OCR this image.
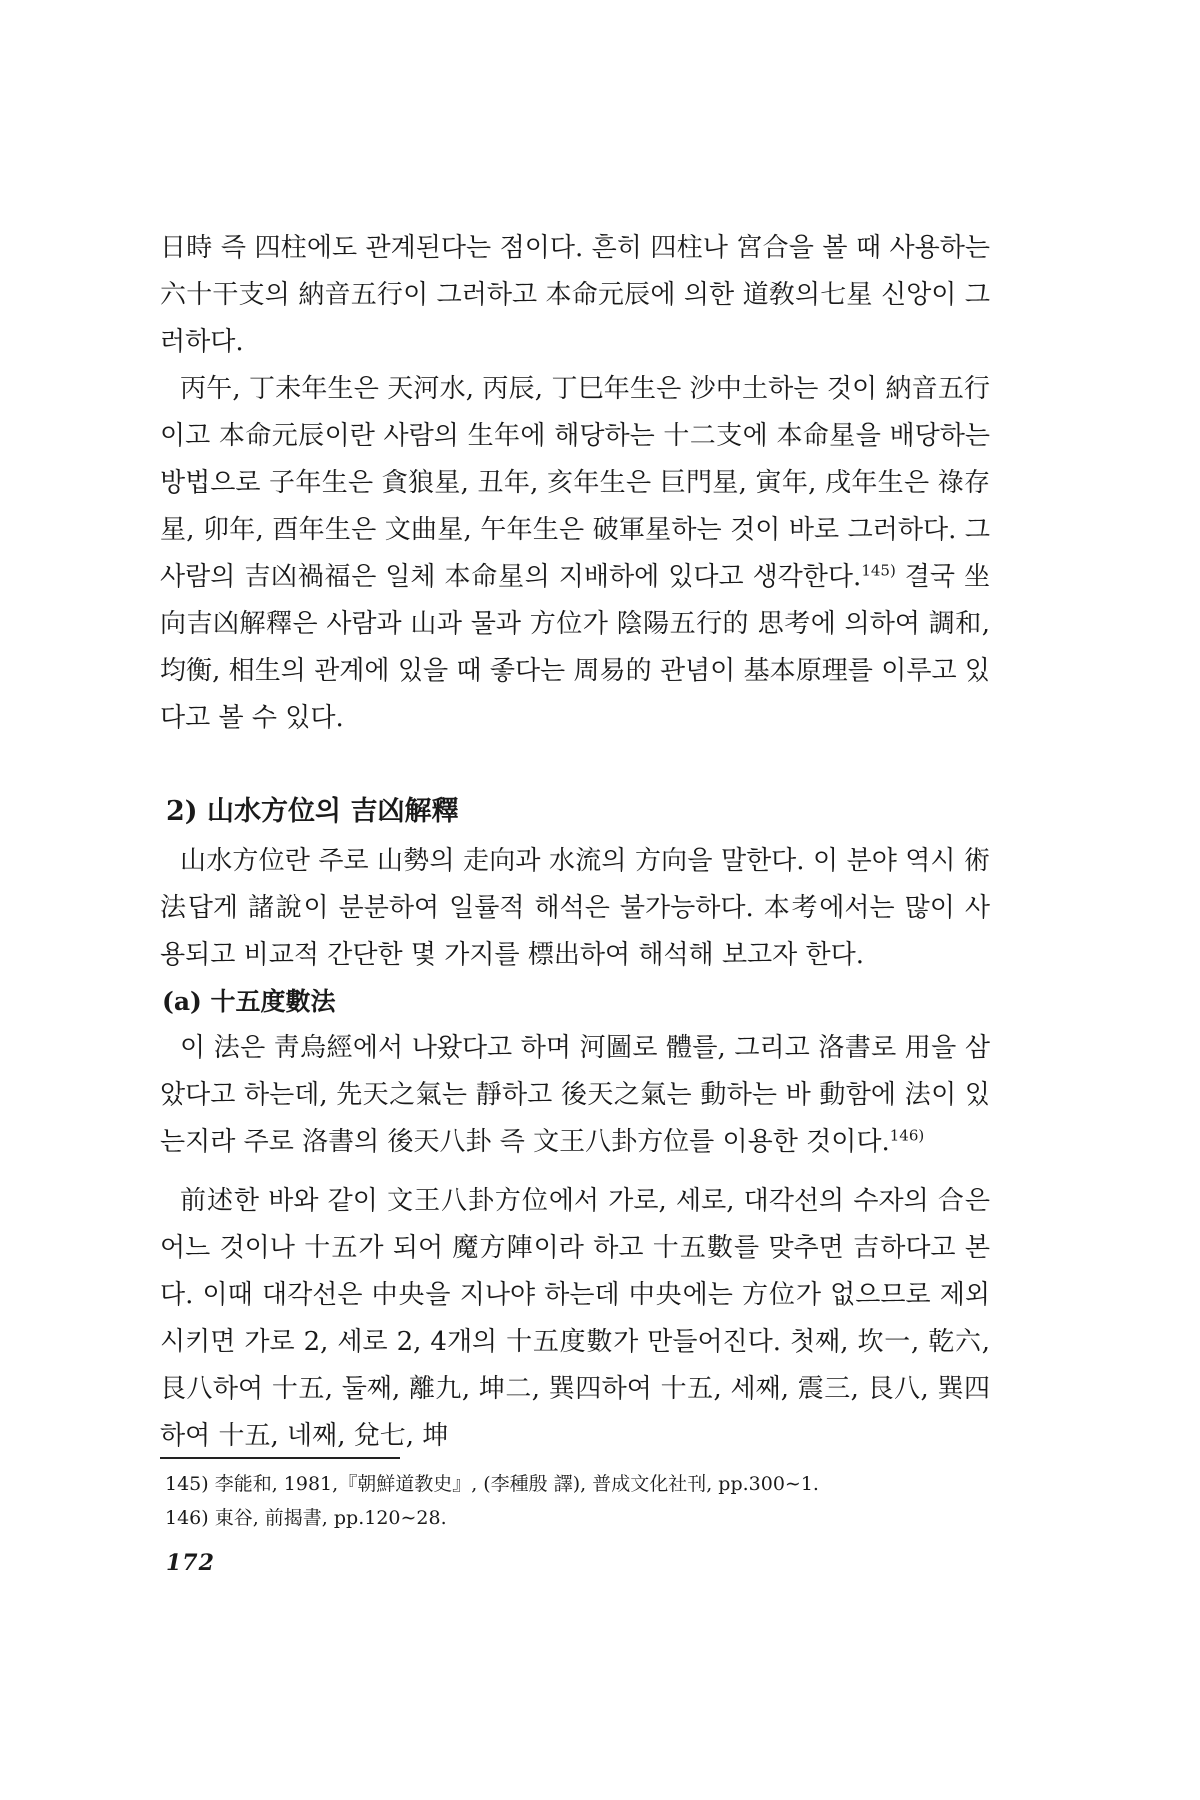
日時 즉 四柱에도 관계된다는 점이다. 흔히 四柱나 宮合을 볼 때 사용하는 六十干支의 納音五行이 그러하고 本命元辰에 의한 道敎의七星 신앙이 그러하다.

丙午, 丁未年生은 天河水, 丙辰, 丁巳年生은 沙中土하는 것이 納音五行이고 本命元辰이란 사람의 生年에 해당하는 十二支에 本命星을 배당하는 방법으로 子年生은 貪狼星, 丑年, 亥年生은 巨門星, 寅年, 戌年生은 祿存星, 卯年, 酉年生은 文曲星, 午年生은 破軍星하는 것이 바로 그러하다. 그 사람의 吉凶禍福은 일체 本命星의 지배하에 있다고 생각한다.$^{145)}$ 결국 坐向吉凶解釋은 사람과 山과 물과 方位가 陰陽五行的 思考에 의하여 調和, 均衡, 相生의 관계에 있을 때 좋다는 周易的 관념이 基本原理를 이루고 있다고 볼 수 있다.

2) 山水方位의 吉凶解釋

山水方位란 주로 山勢의 走向과 水流의 方向을 말한다. 이 분야 역시 術法답게 諸說이 분분하여 일률적 해석은 불가능하다. 本考에서는 많이 사용되고 비교적 간단한 몇 가지를 標出하여 해석해 보고자 한다.

(a) 十五度數法

이 法은 靑烏經에서 나왔다고 하며 河圖로 體를, 그리고 洛書로 用을 삼았다고 하는데, 先天之氣는 靜하고 後天之氣는 動하는 바 動함에 法이 있는지라 주로 洛書의 後天八卦 즉 文王八卦方位를 이용한 것이다.$^{146)}$

前述한 바와 같이 文王八卦方位에서 가로, 세로, 대각선의 수자의 合은 어느 것이나 十五가 되어 魔方陣이라 하고 十五數를 맞추면 吉하다고 본다. 이때 대각선은 中央을 지나야 하는데 中央에는 方位가 없으므로 제외시키면 가로 2, 세로 2, 4개의 十五度數가 만들어진다. 첫째, 坎一, 乾六, 艮八하여 十五, 둘째, 離九, 坤二, 巽四하여 十五, 세째, 震三, 艮八, 巽四하여 十五, 네째, 兌七, 坤

145) 李能和, 1981,『朝鮮道教史』, (李種殷 譯), 普成文化社刊, pp.300∼1.

146) 東谷, 前揭書, pp.120∼28.

172
